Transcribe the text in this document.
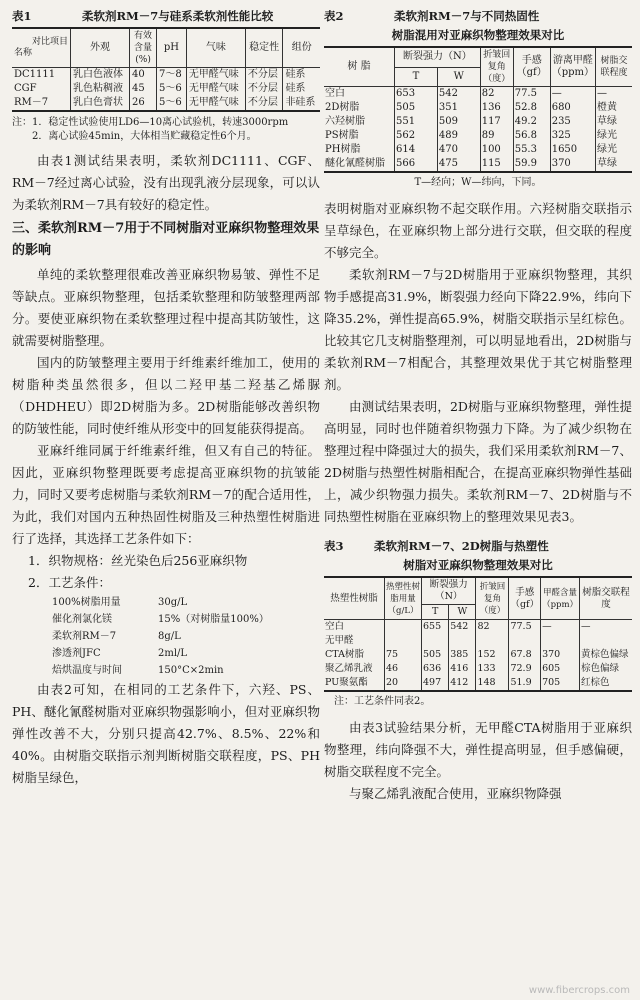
表1	柔软剂RM－7与硅系柔软剂性能比较
对比项目
名称	外观	有效含量(%)	pH	气味	稳定性	组份
DC1111	乳白色液体	40	7～8	无甲醛气味	不分层	硅系
CGF	乳色粘稠液	45	5～6	无甲醛气味	不分层	硅系
RM－7	乳白色膏状	26	5～6	无甲醛气味	不分层	非硅系
注：1．稳定性试验使用LD6—10离心试验机，转速3000rpm
2．离心试验45min，大体相当贮藏稳定性6个月。

由表1测试结果表明，柔软剂DC1111、CGF、RM－7经过离心试验，没有出现乳液分层现象，可以认为柔软剂RM－7具有较好的稳定性。

三、柔软剂RM－7用于不同树脂对亚麻织物整理效果的影响

单纯的柔软整理很难改善亚麻织物易皱、弹性不足等缺点。亚麻织物整理，包括柔软整理和防皱整理两部分。要使亚麻织物在柔软整理过程中提高其防皱性，这就需要树脂整理。

国内的防皱整理主要用于纤维素纤维加工，使用的树脂种类虽然很多，但以二羟甲基二羟基乙烯脲（DHDHEU）即2D树脂为多。2D树脂能够改善织物的防皱性能，同时使纤维从形变中的回复能获得提高。

亚麻纤维同属于纤维素纤维，但又有自己的特征。因此，亚麻织物整理既要考虑提高亚麻织物的抗皱能力，同时又要考虑树脂与柔软剂RM－7的配合适用性，为此，我们对国内五种热固性树脂及三种热塑性树脂进行了选择，其选择工艺条件如下：

1．织物规格：丝光染色后256亚麻织物
2．工艺条件：
100%树脂用量	30g/L
催化剂氯化镁	15%（对树脂量100%）
柔软剂RM－7	8g/L
渗透剂JFC	2ml/L
焙烘温度与时间	150°C×2min

由表2可知，在相同的工艺条件下，六羟、PS、PH、醚化氰醛树脂对亚麻织物强影响小，但对亚麻织物弹性改善不大，分别只提高42.7%、8.5%、22%和40%。由树脂交联指示剂判断树脂交联程度，PS、PH树脂呈绿色，

表2	柔软剂RM－7与不同热固性
树脂混用对亚麻织物整理效果对比
树 脂	断裂强力（N）		折皱回复角（度）	手感（gf）	游离甲醛（ppm）	树脂交联程度
	T	W				
空白	653	542	82	77.5	—	—
2D树脂	505	351	136	52.8	680	橙黄
六羟树脂	551	509	117	49.2	235	草绿
PS树脂	562	489	89	56.8	325	绿光
PH树脂	614	470	100	55.3	1650	绿光
醚化氰醛树脂	566	475	115	59.9	370	草绿
T—经向；W—纬向，下同。

表明树脂对亚麻织物不起交联作用。六羟树脂交联指示呈草绿色，在亚麻织物上部分进行交联，但交联的程度不够完全。

柔软剂RM－7与2D树脂用于亚麻织物整理，其织物手感提高31.9%，断裂强力经向下降22.9%，纬向下降35.2%，弹性提高65.9%，树脂交联指示呈红棕色。比较其它几支树脂整理剂，可以明显地看出，2D树脂与柔软剂RM－7相配合，其整理效果优于其它树脂整理剂。

由测试结果表明，2D树脂与亚麻织物整理，弹性提高明显，同时也伴随着织物强力下降。为了减少织物在整理过程中降强过大的损失，我们采用柔软剂RM－7、2D树脂与热塑性树脂相配合，在提高亚麻织物弹性基础上，减少织物强力损失。柔软剂RM－7、2D树脂与不同热塑性树脂在亚麻织物上的整理效果见表3。

表3	柔软剂RM－7、2D树脂与热塑性
树脂对亚麻织物整理效果对比
热塑性树脂	热塑性树脂用量（g/L）	断裂强力（N）		折皱回复角（度）	手感（gf）	甲醛含量（ppm）	树脂交联程度
		T	W				
空白		655	542	82	77.5	—	—
无甲醛							
CTA树脂	75	505	385	152	67.8	370	黄棕色偏绿
聚乙烯乳液	46	636	416	133	72.9	605	棕色偏绿
PU聚氨酯	20	497	412	148	51.9	705	红棕色
注：工艺条件同表2。

由表3试验结果分析，无甲醛CTA树脂用于亚麻织物整理，纬向降强不大，弹性提高明显，但手感偏硬，树脂交联程度不完全。

与聚乙烯乳液配合使用，亚麻织物降强

www.fibercrops.com
